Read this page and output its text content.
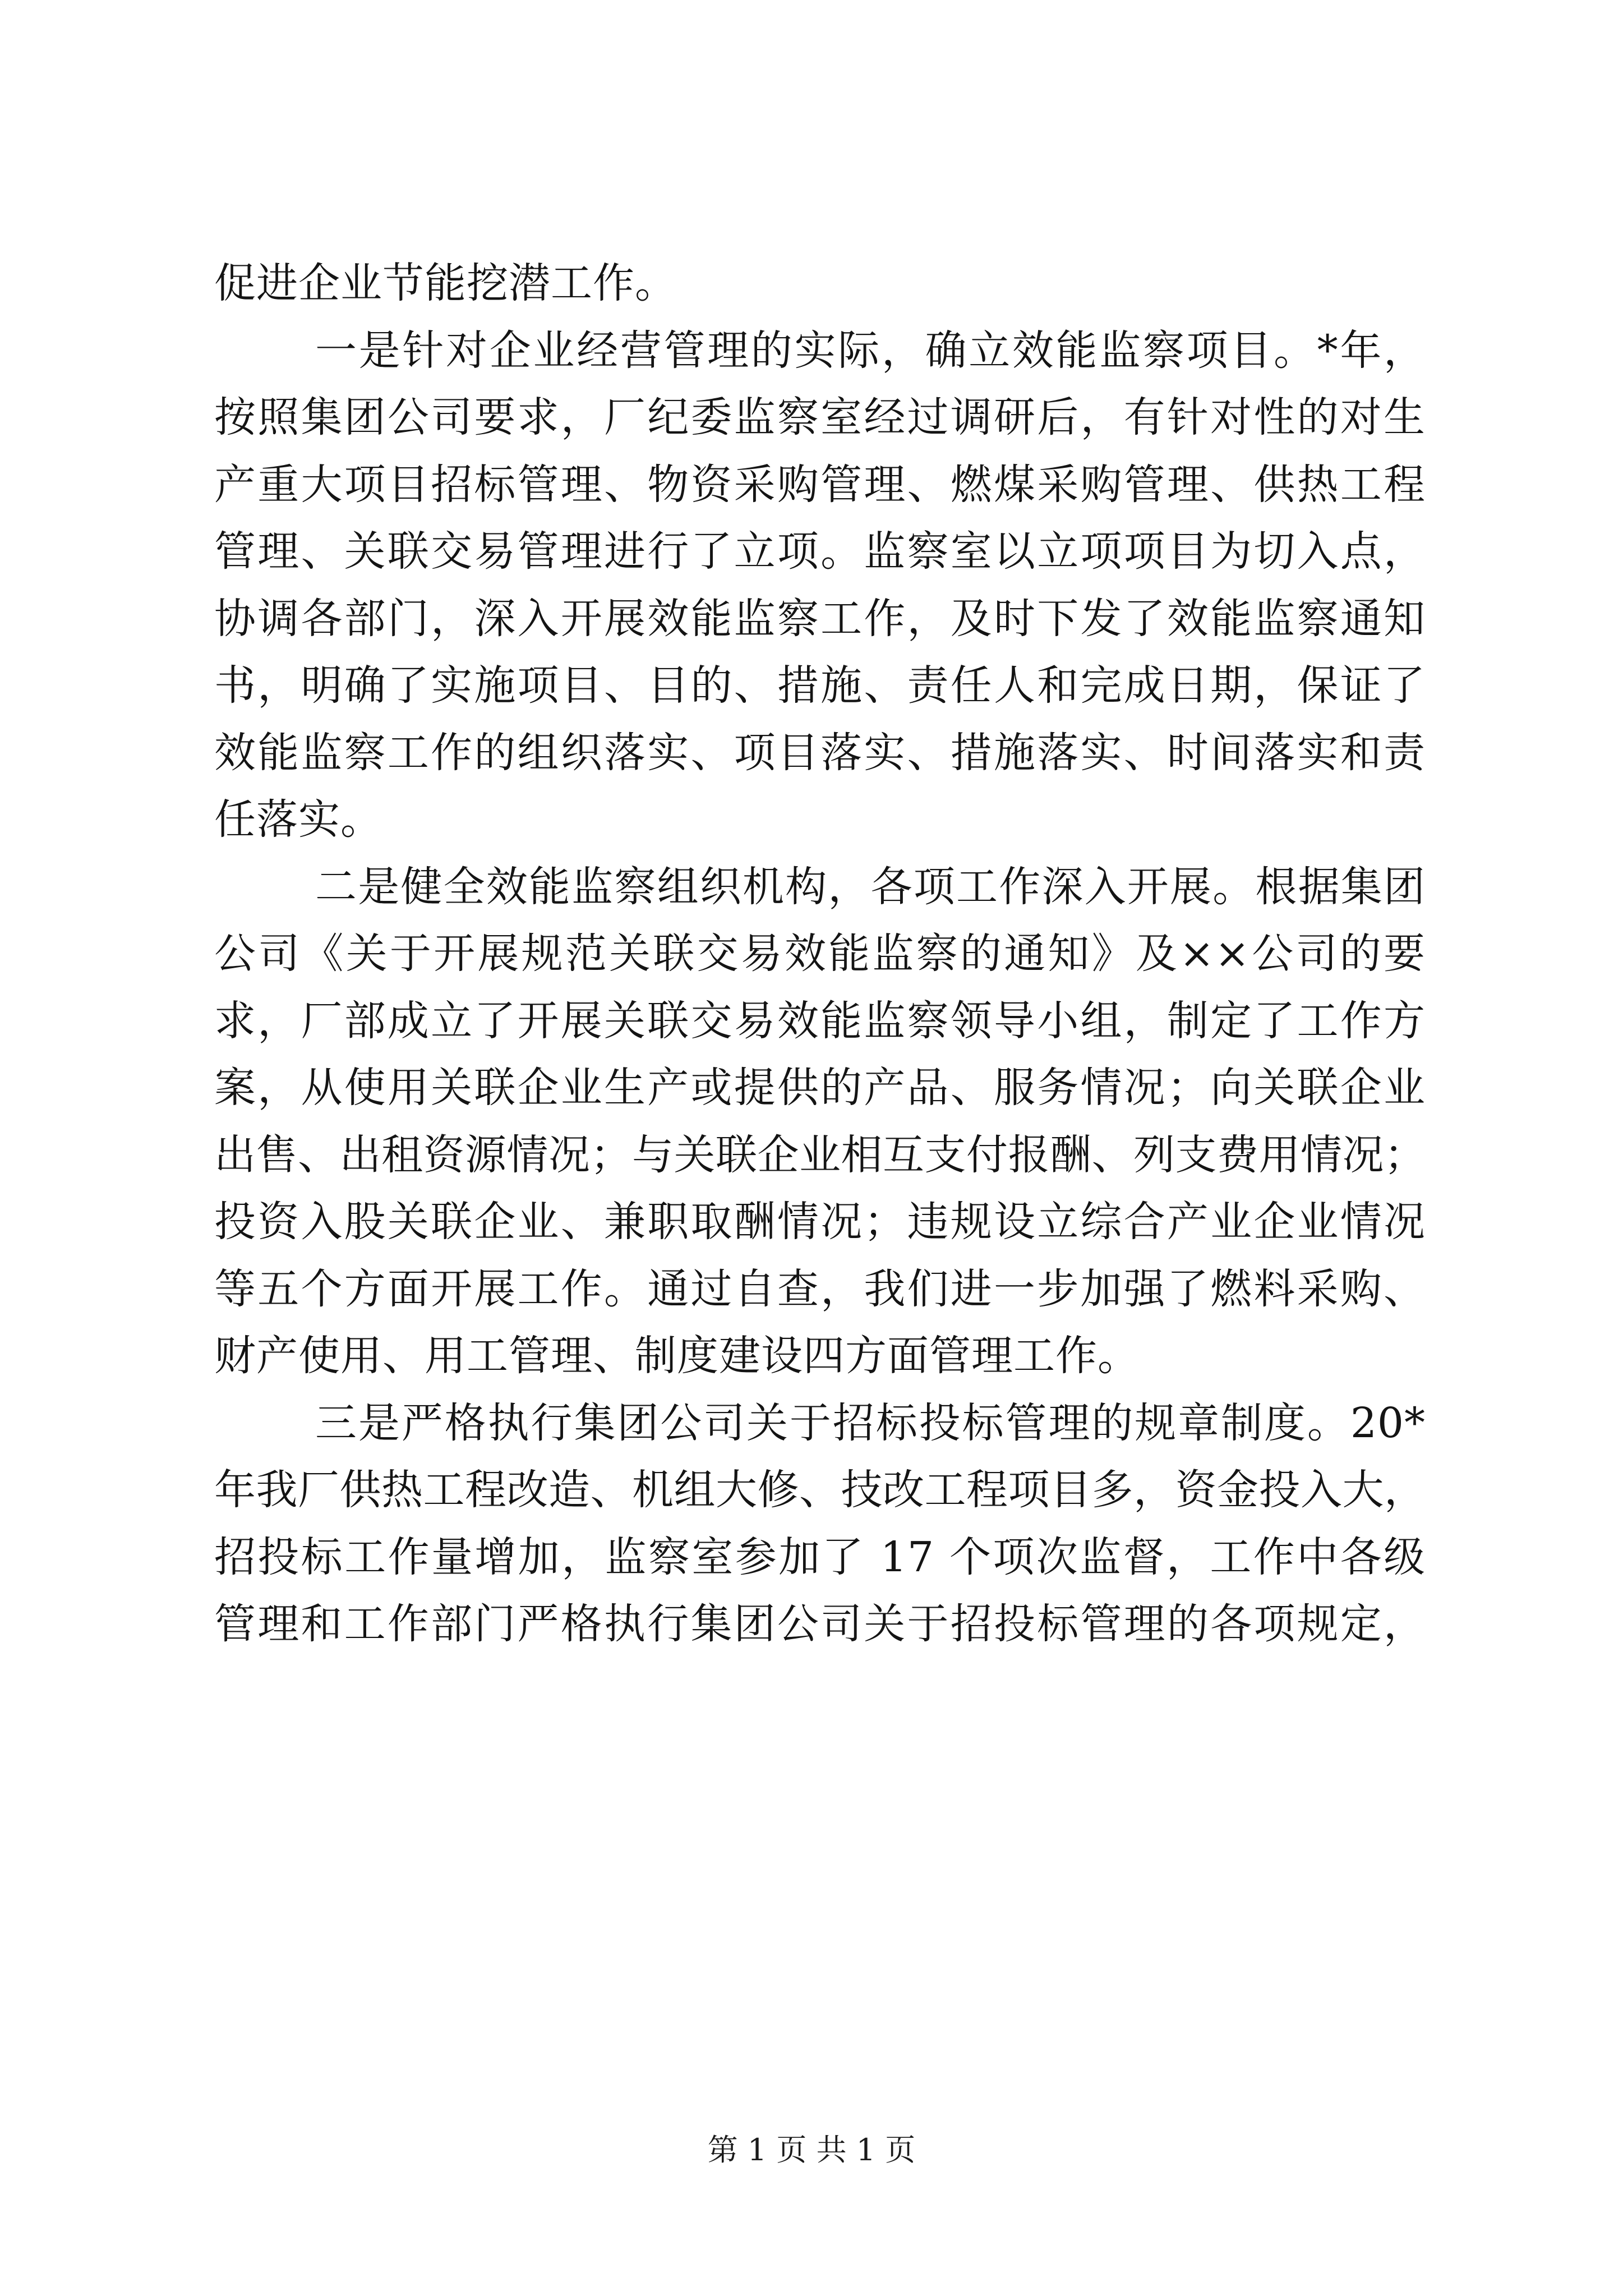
促进企业节能挖潜工作。
一是针对企业经营管理的实际，确立效能监察项目。*年，
按照集团公司要求，厂纪委监察室经过调研后，有针对性的对生
产重大项目招标管理、物资采购管理、燃煤采购管理、供热工程
管理、关联交易管理进行了立项。监察室以立项项目为切入点，
协调各部门，深入开展效能监察工作，及时下发了效能监察通知
书，明确了实施项目、目的、措施、责任人和完成日期，保证了
效能监察工作的组织落实、项目落实、措施落实、时间落实和责
任落实。
二是健全效能监察组织机构，各项工作深入开展。根据集团
公司《关于开展规范关联交易效能监察的通知》及××公司的要
求，厂部成立了开展关联交易效能监察领导小组，制定了工作方
案，从使用关联企业生产或提供的产品、服务情况；向关联企业
出售、出租资源情况；与关联企业相互支付报酬、列支费用情况；
投资入股关联企业、兼职取酬情况；违规设立综合产业企业情况
等五个方面开展工作。通过自查，我们进一步加强了燃料采购、
财产使用、用工管理、制度建设四方面管理工作。
三是严格执行集团公司关于招标投标管理的规章制度。20*
年我厂供热工程改造、机组大修、技改工程项目多，资金投入大，
招投标工作量增加，监察室参加了 17 个项次监督，工作中各级
管理和工作部门严格执行集团公司关于招投标管理的各项规定，
第 1 页 共 1 页
